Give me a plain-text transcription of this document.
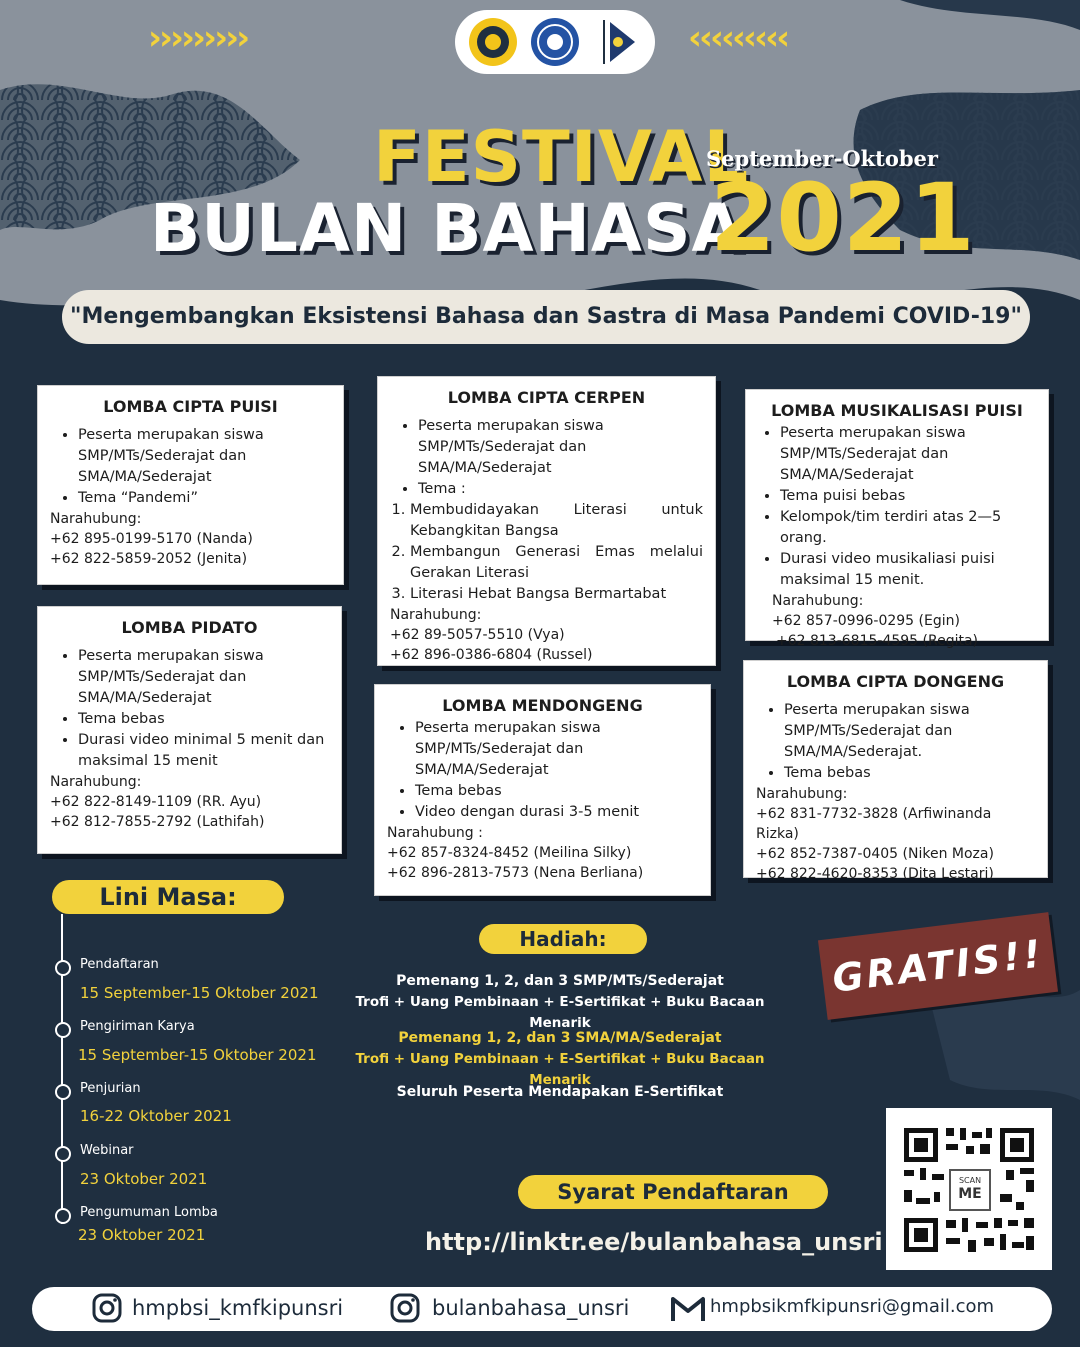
›››››››››	‹‹‹‹‹‹‹‹‹
FESTIVAL
BULAN BAHASA
September-Oktober
2021
"Mengembangkan Eksistensi Bahasa dan Sastra di Masa Pandemi COVID-19"
LOMBA CIPTA PUISI
• Peserta merupakan siswa SMP/MTs/Sederajat dan SMA/MA/Sederajat
• Tema “Pandemi”
Narahubung:
+62 895-0199-5170 (Nanda)
+62 822-5859-2052 (Jenita)
LOMBA PIDATO
• Peserta merupakan siswa SMP/MTs/Sederajat dan SMA/MA/Sederajat
• Tema bebas
• Durasi video minimal 5 menit dan maksimal 15 menit
Narahubung:
+62 822-8149-1109 (RR. Ayu)
+62 812-7855-2792 (Lathifah)
LOMBA CIPTA CERPEN
• Peserta merupakan siswa SMP/MTs/Sederajat dan SMA/MA/Sederajat
• Tema :
1. Membudidayakan Literasi untuk Kebangkitan Bangsa
2. Membangun Generasi Emas melalui Gerakan Literasi
3. Literasi Hebat Bangsa Bermartabat
Narahubung:
+62 89-5057-5510 (Vya)
+62 896-0386-6804 (Russel)
LOMBA MENDONGENG
• Peserta merupakan siswa SMP/MTs/Sederajat dan SMA/MA/Sederajat
• Tema bebas
• Video dengan durasi 3-5 menit
Narahubung :
+62 857-8324-8452 (Meilina Silky)
+62 896-2813-7573 (Nena Berliana)
LOMBA MUSIKALISASI PUISI
• Peserta merupakan siswa SMP/MTs/Sederajat dan SMA/MA/Sederajat
• Tema puisi bebas
• Kelompok/tim terdiri atas 2—5 orang.
• Durasi video musikaliasi puisi maksimal 15 menit.
Narahubung:
+62 857-0996-0295 (Egin)
+62 813-6815-4595 (Regita)
LOMBA CIPTA DONGENG
• Peserta merupakan siswa SMP/MTs/Sederajat dan SMA/MA/Sederajat.
• Tema bebas
Narahubung:
+62 831-7732-3828 (Arfiwinanda Rizka)
+62 852-7387-0405 (Niken Moza)
+62 822-4620-8353 (Dita Lestari)
Lini Masa:
Pendaftaran
15 September-15 Oktober 2021
Pengiriman Karya
15 September-15 Oktober 2021
Penjurian
16-22 Oktober 2021
Webinar
23 Oktober 2021
Pengumuman Lomba
23 Oktober 2021
Hadiah:
Pemenang 1, 2, dan 3 SMP/MTs/Sederajat
Trofi + Uang Pembinaan + E-Sertifikat + Buku Bacaan Menarik
Pemenang 1, 2, dan 3 SMA/MA/Sederajat
Trofi + Uang Pembinaan + E-Sertifikat + Buku Bacaan Menarik
Seluruh Peserta Mendapakan E-Sertifikat
GRATIS!!
Syarat Pendaftaran
http://linktr.ee/bulanbahasa_unsri
SCAN
ME
hmpbsi_kmfkipunsri	bulanbahasa_unsri	hmpbsikmfkipunsri@gmail.com
